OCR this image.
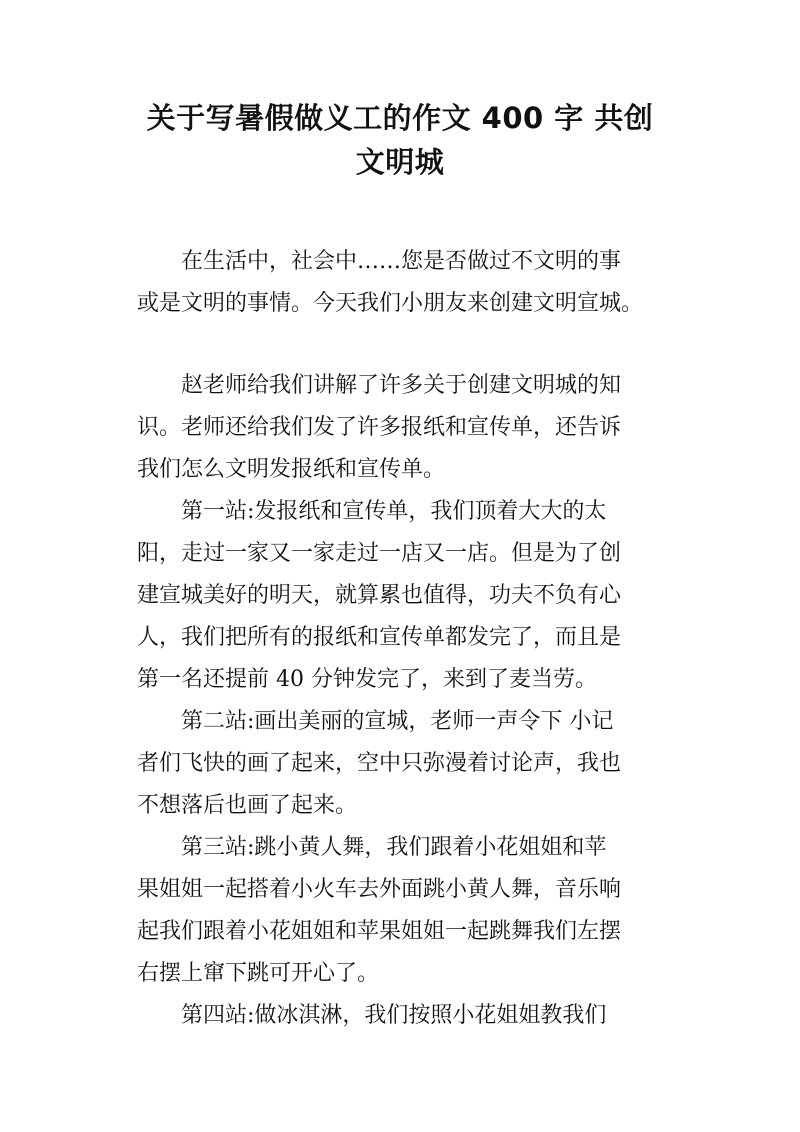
关于写暑假做义工的作文 400 字 共创
文明城
在生活中，社会中……您是否做过不文明的事
或是文明的事情。今天我们小朋友来创建文明宣城。
赵老师给我们讲解了许多关于创建文明城的知
识。老师还给我们发了许多报纸和宣传单，还告诉
我们怎么文明发报纸和宣传单。
第一站:发报纸和宣传单，我们顶着大大的太
阳，走过一家又一家走过一店又一店。但是为了创
建宣城美好的明天，就算累也值得，功夫不负有心
人，我们把所有的报纸和宣传单都发完了，而且是
第一名还提前 40 分钟发完了，来到了麦当劳。
第二站:画出美丽的宣城，老师一声令下 小记
者们飞快的画了起来，空中只弥漫着讨论声，我也
不想落后也画了起来。
第三站:跳小黄人舞，我们跟着小花姐姐和苹
果姐姐一起搭着小火车去外面跳小黄人舞，音乐响
起我们跟着小花姐姐和苹果姐姐一起跳舞我们左摆
右摆上窜下跳可开心了。
第四站:做冰淇淋，我们按照小花姐姐教我们
